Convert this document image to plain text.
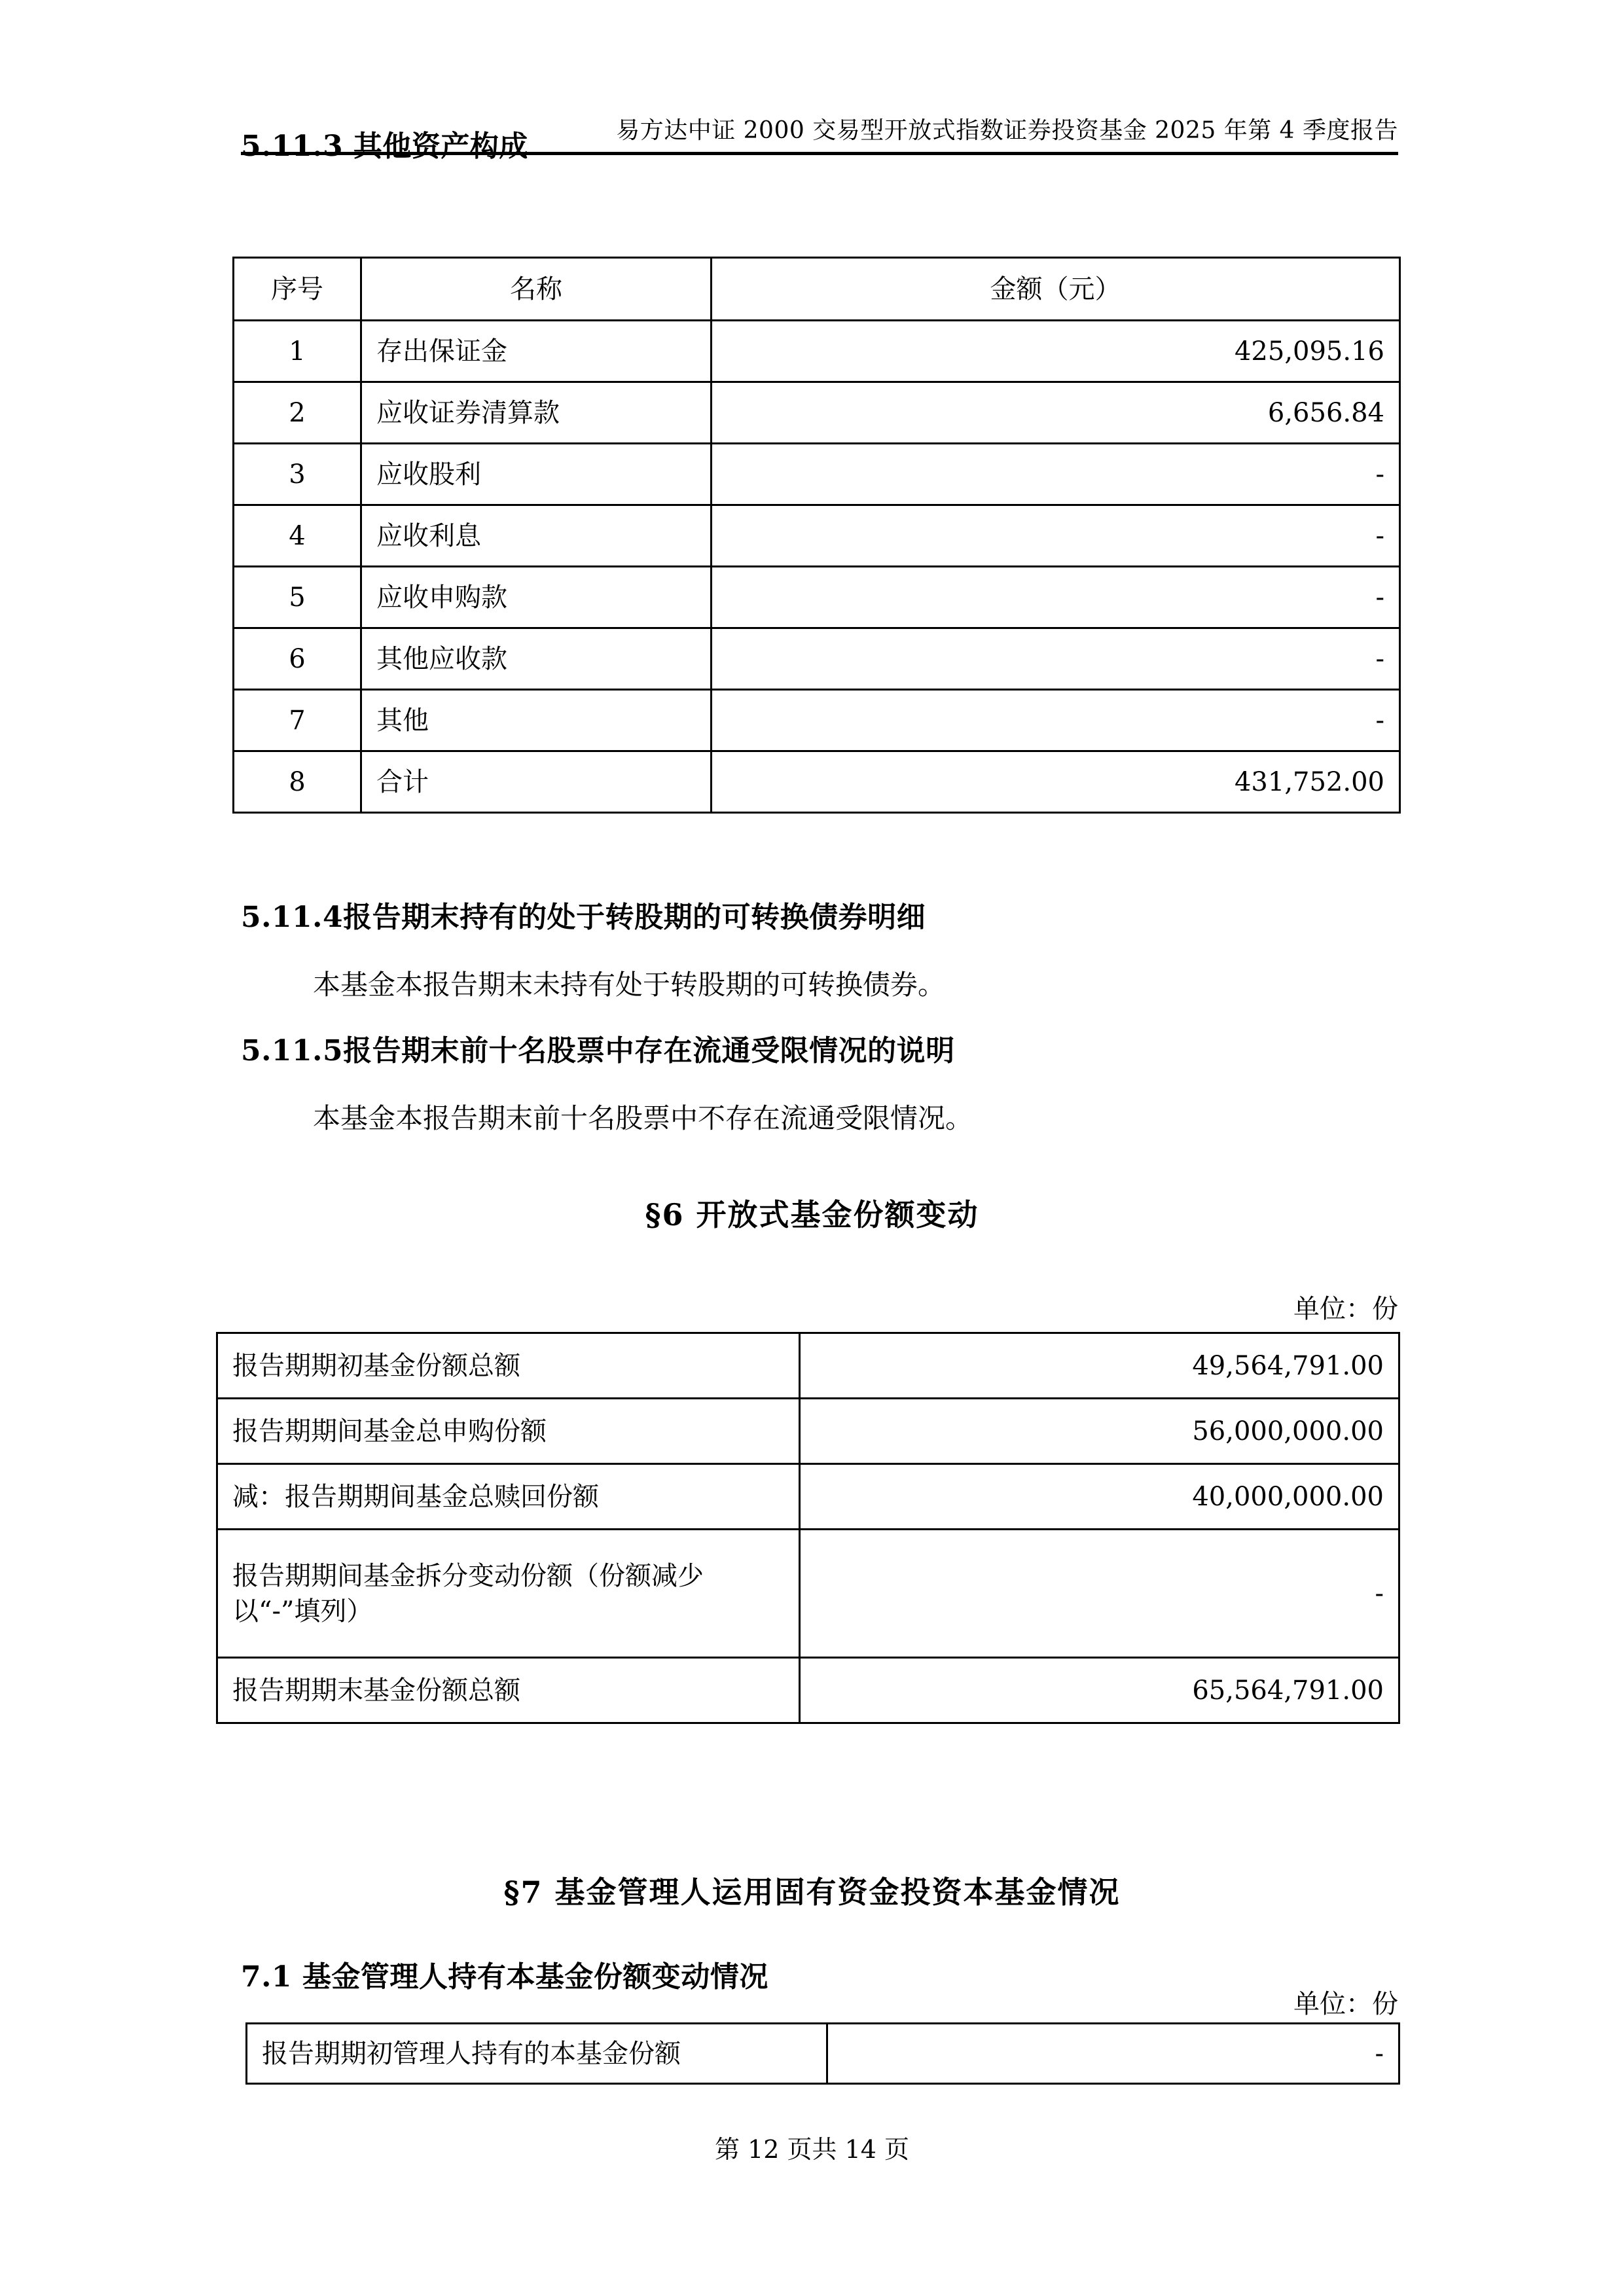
易方达中证 2000 交易型开放式指数证券投资基金 2025 年第 4 季度报告
5.11.3 其他资产构成
序号	名称	金额（元）
1	存出保证金	425,095.16
2	应收证券清算款	6,656.84
3	应收股利	-
4	应收利息	-
5	应收申购款	-
6	其他应收款	-
7	其他	-
8	合计	431,752.00
5.11.4报告期末持有的处于转股期的可转换债券明细
本基金本报告期末未持有处于转股期的可转换债券。
5.11.5报告期末前十名股票中存在流通受限情况的说明
本基金本报告期末前十名股票中不存在流通受限情况。
§6 开放式基金份额变动
单位：份
报告期期初基金份额总额	49,564,791.00
报告期期间基金总申购份额	56,000,000.00
减：报告期期间基金总赎回份额	40,000,000.00

报告期期间基金拆分变动份额（份额减少
以“-”填列）	-
报告期期末基金份额总额	65,564,791.00
§7 基金管理人运用固有资金投资本基金情况
7.1 基金管理人持有本基金份额变动情况
单位：份
报告期期初管理人持有的本基金份额	-
第 12 页共 14 页
